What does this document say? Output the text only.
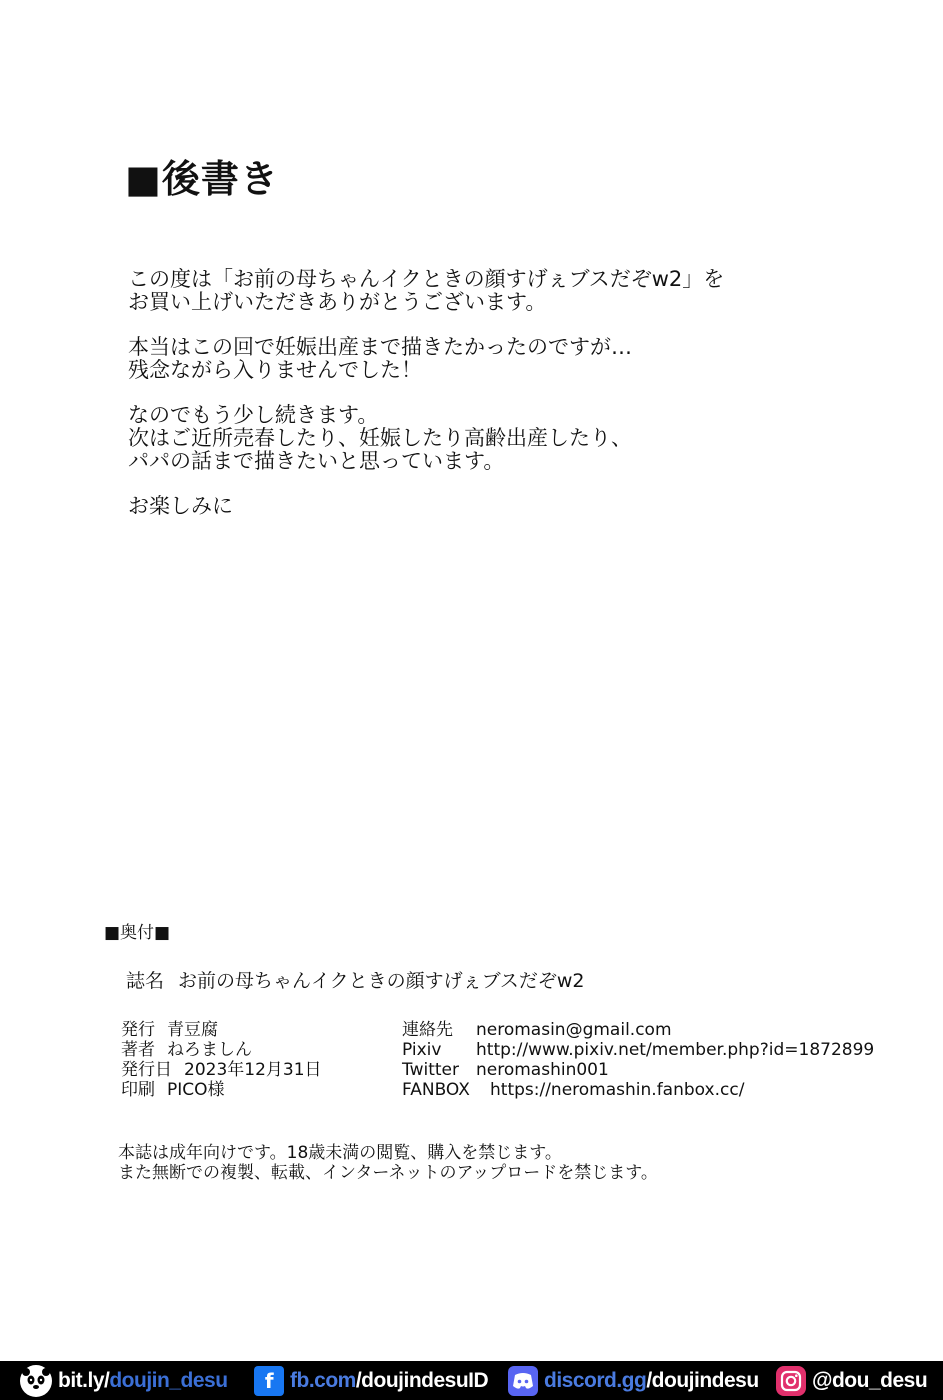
■後書き
この度は「お前の母ちゃんイクときの顔すげぇブスだぞw2」を
お買い上げいただきありがとうございます。
本当はこの回で妊娠出産まで描きたかったのですが…
残念ながら入りませんでした！
なのでもう少し続きます。
次はご近所売春したり、妊娠したり高齢出産したり、
パパの話まで描きたいと思っています。
お楽しみに
■奥付■
誌名 お前の母ちゃんイクときの顔すげぇブスだぞw2
発行 青豆腐
著者 ねろましん
発行日 2023年12月31日
印刷 PICO様
連絡先 neromasin@gmail.com
Pixiv http://www.pixiv.net/member.php?id=1872899
Twitter neromashin001
FANBOX https://neromashin.fanbox.cc/
本誌は成年向けです。18歳未満の閲覧、購入を禁じます。
また無断での複製、転載、インターネットのアップロードを禁じます。
bit.ly/ doujin_desu	f fb.com /doujindesuID	discord.gg /doujindesu	@dou_desu
